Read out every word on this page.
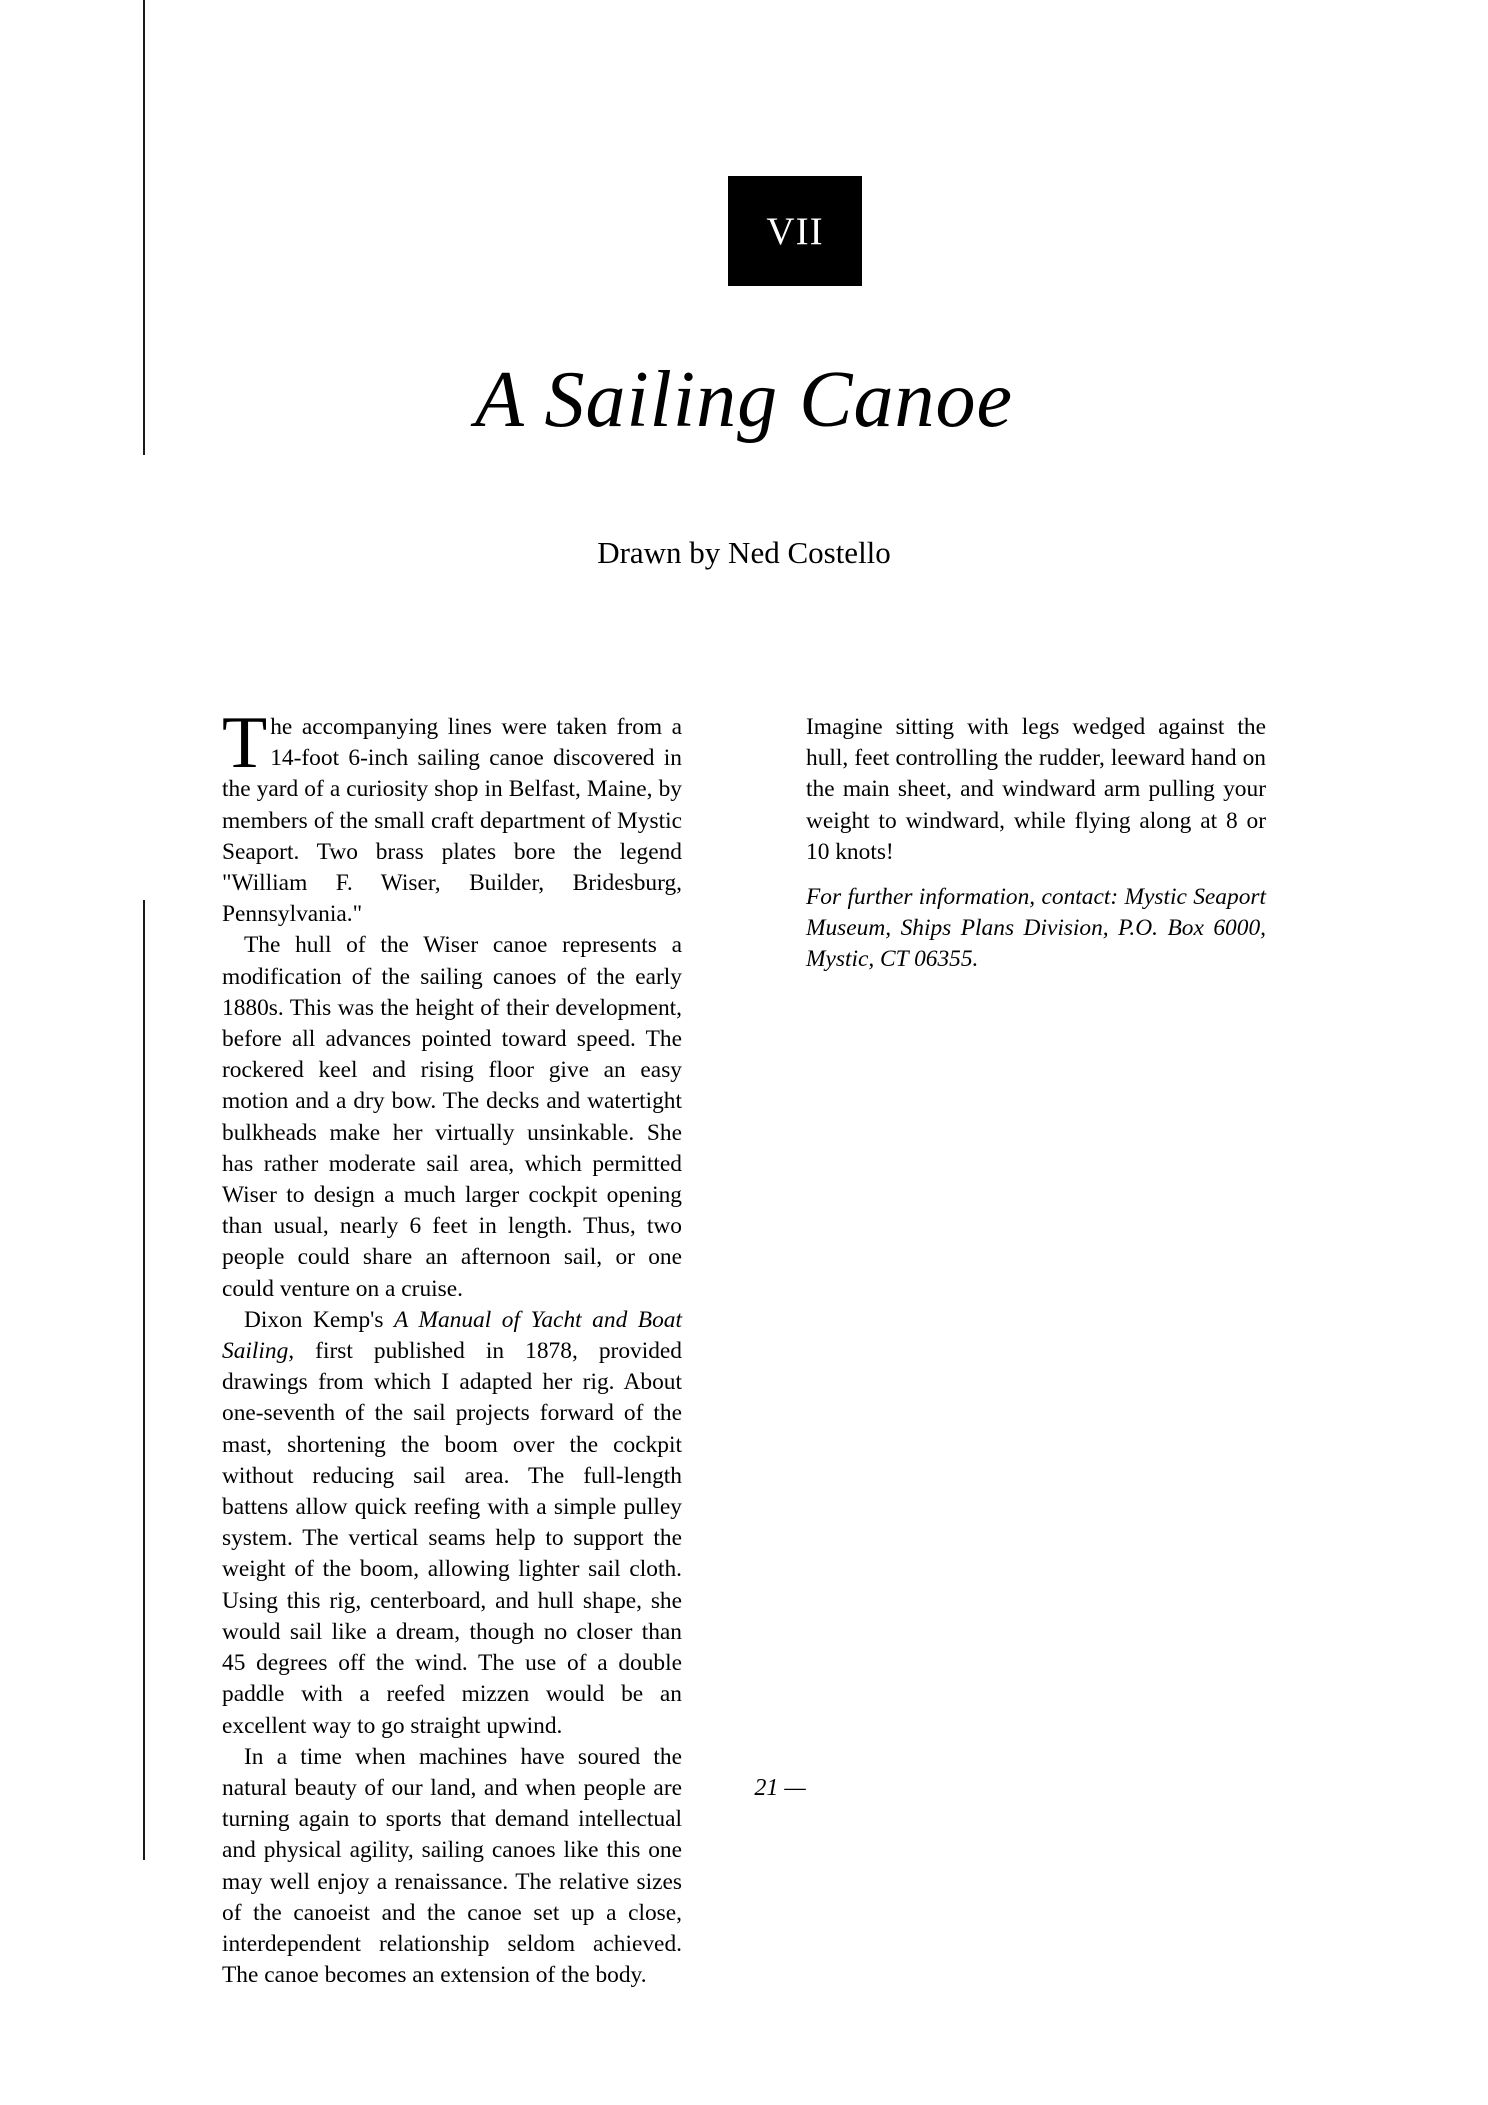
VII
A Sailing Canoe
Drawn by Ned Costello

The accompanying lines were taken from a 14-foot 6-inch sailing canoe discovered in the yard of a curiosity shop in Belfast, Maine, by members of the small craft department of Mystic Seaport. Two brass plates bore the legend "William F. Wiser, Builder, Bridesburg, Pennsylvania."

The hull of the Wiser canoe represents a modification of the sailing canoes of the early 1880s. This was the height of their development, before all advances pointed toward speed. The rockered keel and rising floor give an easy motion and a dry bow. The decks and watertight bulkheads make her virtually unsinkable. She has rather moderate sail area, which permitted Wiser to design a much larger cockpit opening than usual, nearly 6 feet in length. Thus, two people could share an afternoon sail, or one could venture on a cruise.

Dixon Kemp's A Manual of Yacht and Boat Sailing, first published in 1878, provided drawings from which I adapted her rig. About one-seventh of the sail projects forward of the mast, shortening the boom over the cockpit without reducing sail area. The full-length battens allow quick reefing with a simple pulley system. The vertical seams help to support the weight of the boom, allowing lighter sail cloth. Using this rig, centerboard, and hull shape, she would sail like a dream, though no closer than 45 degrees off the wind. The use of a double paddle with a reefed mizzen would be an excellent way to go straight upwind.

In a time when machines have soured the natural beauty of our land, and when people are turning again to sports that demand intellectual and physical agility, sailing canoes like this one may well enjoy a renaissance. The relative sizes of the canoeist and the canoe set up a close, interdependent relationship seldom achieved. The canoe becomes an extension of the body.

Imagine sitting with legs wedged against the hull, feet controlling the rudder, leeward hand on the main sheet, and windward arm pulling your weight to windward, while flying along at 8 or 10 knots!

For further information, contact: Mystic Seaport Museum, Ships Plans Division, P.O. Box 6000, Mystic, CT 06355.

21 —
